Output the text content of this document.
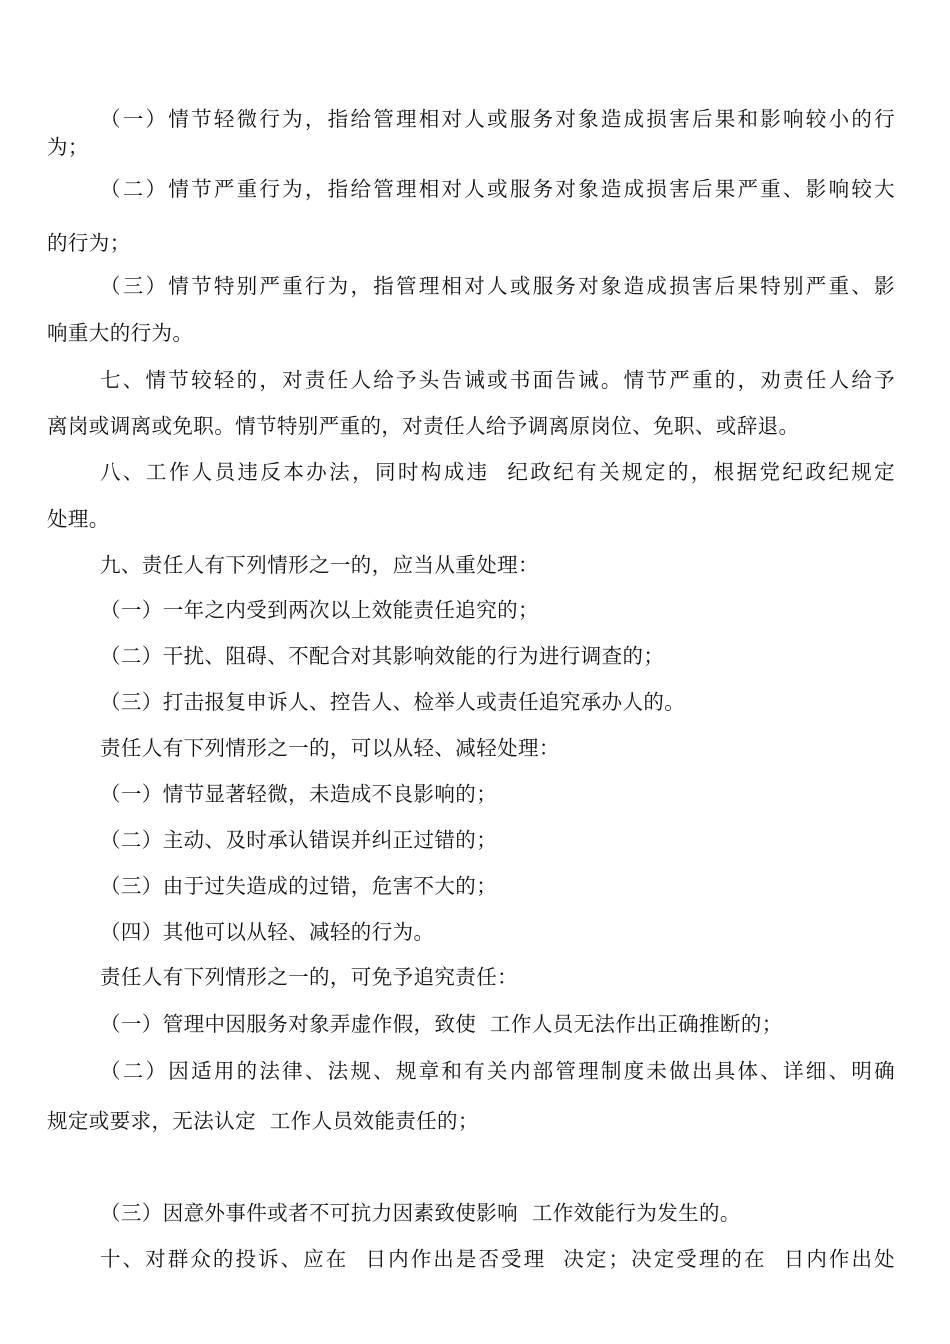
（一）情节轻微行为，指给管理相对人或服务对象造成损害后果和影响较小的行
为；
（二）情节严重行为，指给管理相对人或服务对象造成损害后果严重、影响较大
的行为；
（三）情节特别严重行为，指管理相对人或服务对象造成损害后果特别严重、影
响重大的行为。
七、情节较轻的，对责任人给予头告诫或书面告诫。情节严重的，劝责任人给予
离岗或调离或免职。情节特别严重的，对责任人给予调离原岗位、免职、或辞退。
八、工作人员违反本办法，同时构成违  纪政纪有关规定的，根据党纪政纪规定
处理。
九、责任人有下列情形之一的，应当从重处理：
（一）一年之内受到两次以上效能责任追究的；
（二）干扰、阻碍、不配合对其影响效能的行为进行调查的；
（三）打击报复申诉人、控告人、检举人或责任追究承办人的。
责任人有下列情形之一的，可以从轻、减轻处理：
（一）情节显著轻微，未造成不良影响的；
（二）主动、及时承认错误并纠正过错的；
（三）由于过失造成的过错，危害不大的；
（四）其他可以从轻、减轻的行为。
责任人有下列情形之一的，可免予追究责任：
（一）管理中因服务对象弄虚作假，致使  工作人员无法作出正确推断的；
（二）因适用的法律、法规、规章和有关内部管理制度未做出具体、详细、明确
规定或要求，无法认定  工作人员效能责任的；
（三）因意外事件或者不可抗力因素致使影响  工作效能行为发生的。
十、对群众的投诉、应在  日内作出是否受理  决定；决定受理的在  日内作出处
